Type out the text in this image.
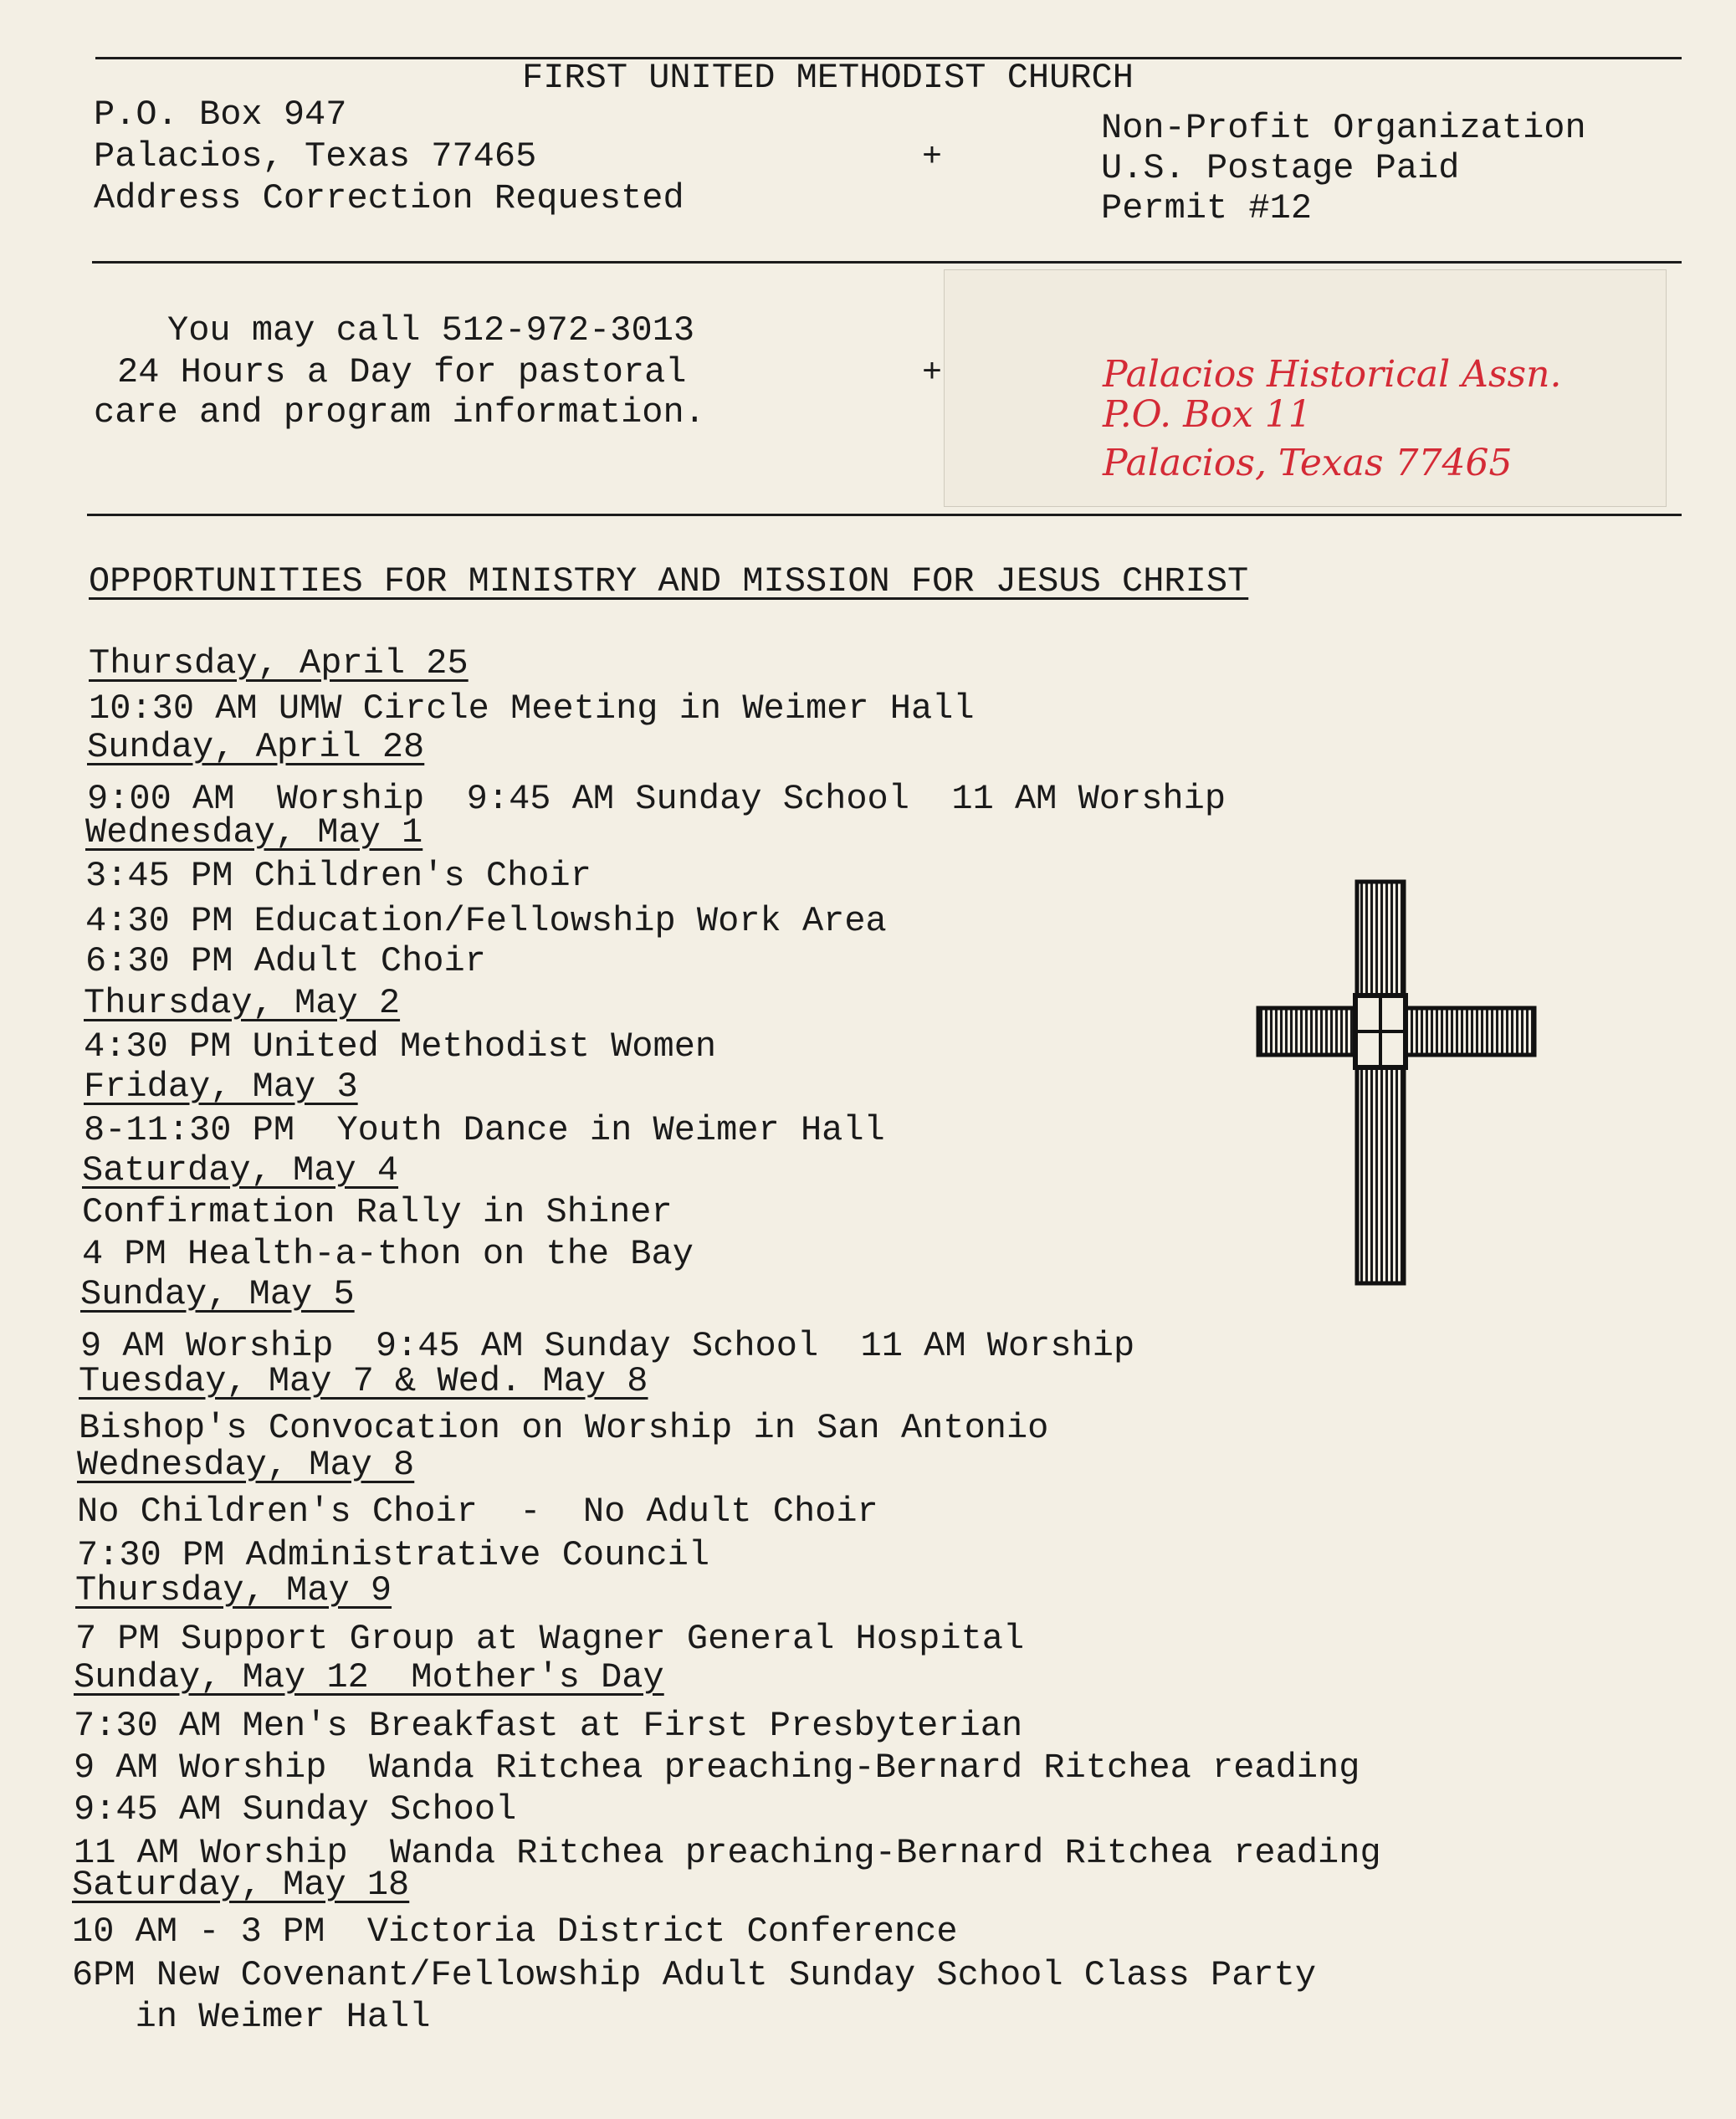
FIRST UNITED METHODIST CHURCH
P.O. Box 947
Palacios, Texas 77465
Address Correction Requested
+
Non-Profit Organization
U.S. Postage Paid
Permit #12
You may call 512-972-3013
24 Hours a Day for pastoral
care and program information.
+	Palacios Historical Assn.
P.O. Box 11
Palacios, Texas 77465
OPPORTUNITIES FOR MINISTRY AND MISSION FOR JESUS CHRIST
Thursday, April 25
10:30 AM UMW Circle Meeting in Weimer Hall
Sunday, April 28
9:00 AM  Worship  9:45 AM Sunday School  11 AM Worship
Wednesday, May 1
3:45 PM Children's Choir
4:30 PM Education/Fellowship Work Area
6:30 PM Adult Choir
Thursday, May 2
4:30 PM United Methodist Women
Friday, May 3
8-11:30 PM  Youth Dance in Weimer Hall
Saturday, May 4
Confirmation Rally in Shiner
4 PM Health-a-thon on the Bay
Sunday, May 5
9 AM Worship  9:45 AM Sunday School  11 AM Worship
Tuesday, May 7 & Wed. May 8
Bishop's Convocation on Worship in San Antonio
Wednesday, May 8
No Children's Choir  -  No Adult Choir
7:30 PM Administrative Council
Thursday, May 9
7 PM Support Group at Wagner General Hospital
Sunday, May 12  Mother's Day
7:30 AM Men's Breakfast at First Presbyterian
9 AM Worship  Wanda Ritchea preaching-Bernard Ritchea reading
9:45 AM Sunday School
11 AM Worship  Wanda Ritchea preaching-Bernard Ritchea reading
Saturday, May 18
10 AM - 3 PM  Victoria District Conference
6PM New Covenant/Fellowship Adult Sunday School Class Party
in Weimer Hall
